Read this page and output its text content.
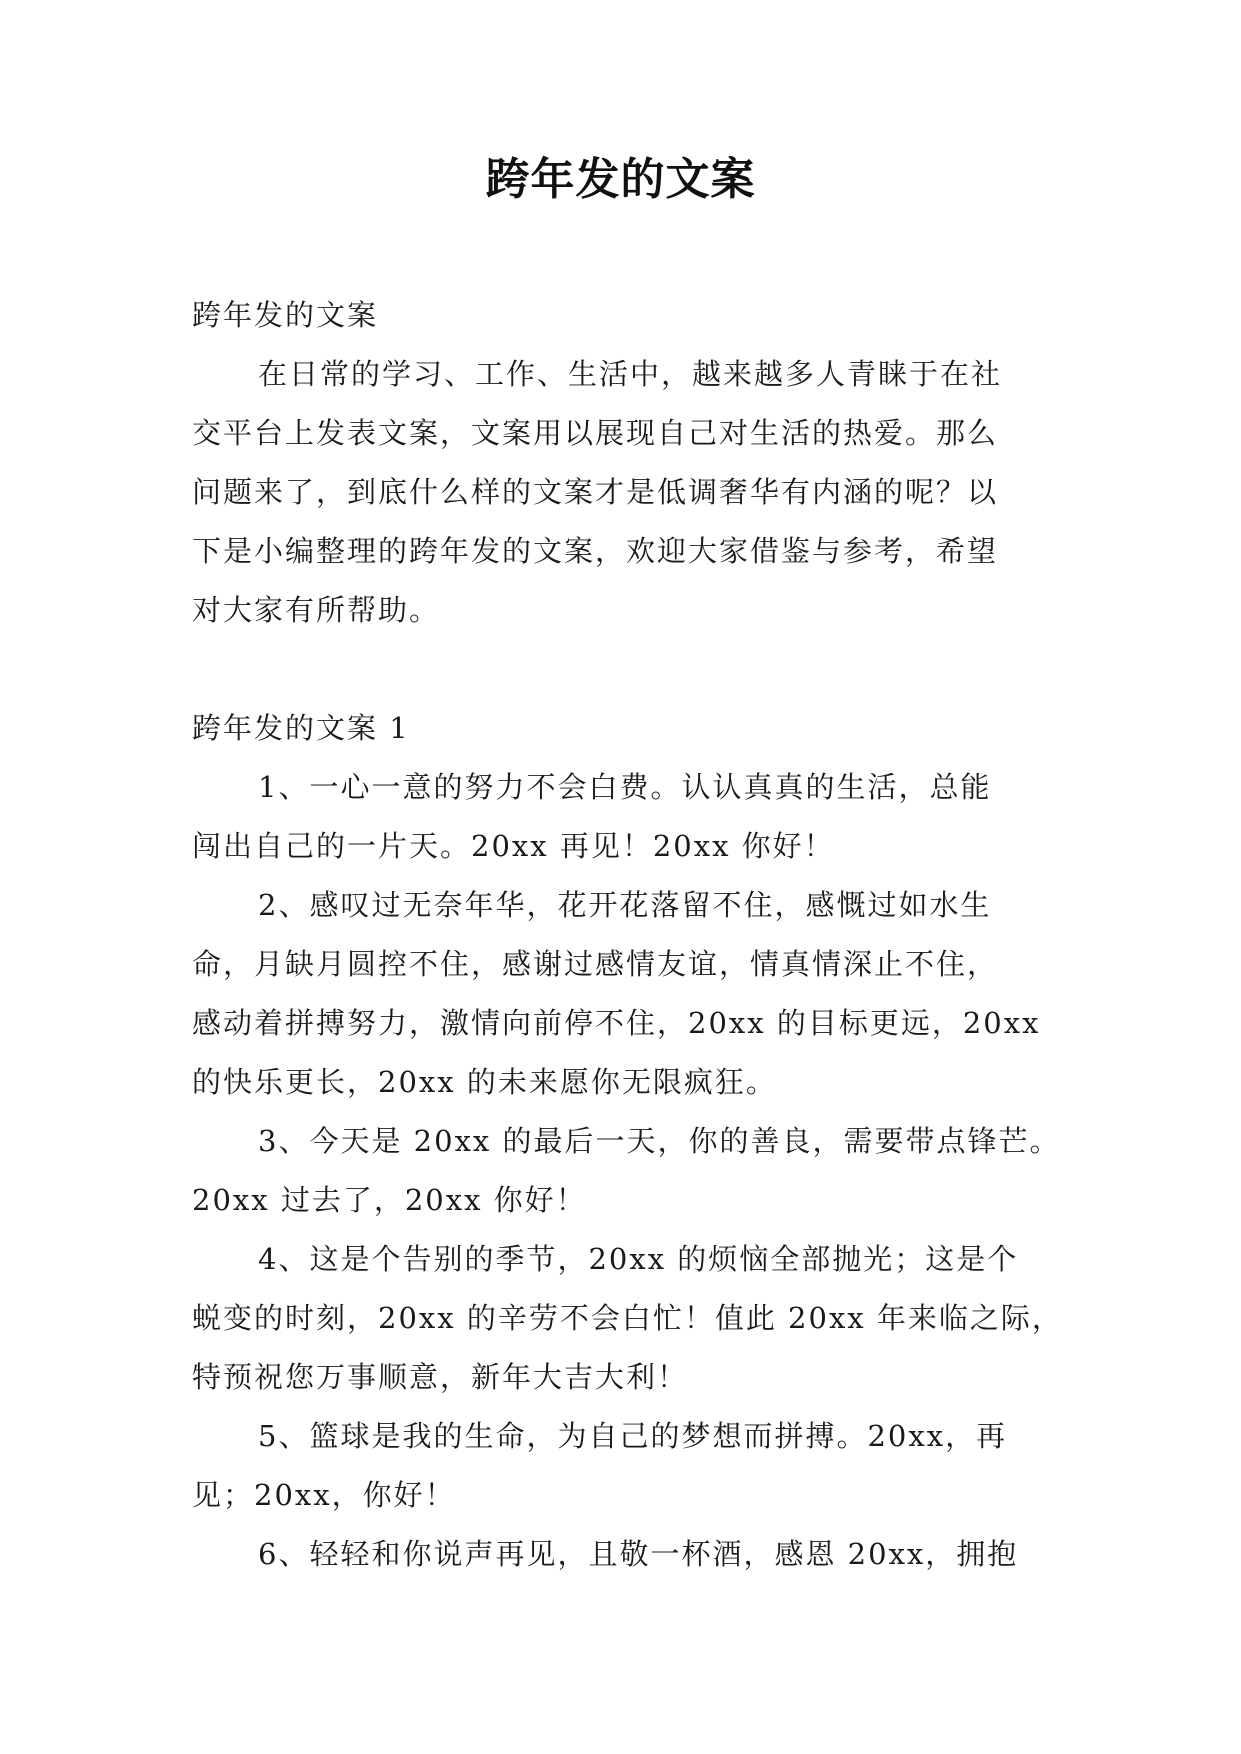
跨年发的文案
跨年发的文案
在日常的学习、工作、生活中，越来越多人青睐于在社
交平台上发表文案，文案用以展现自己对生活的热爱。那么
问题来了，到底什么样的文案才是低调奢华有内涵的呢？以
下是小编整理的跨年发的文案，欢迎大家借鉴与参考，希望
对大家有所帮助。
跨年发的文案 1
1、一心一意的努力不会白费。认认真真的生活，总能
闯出自己的一片天。20xx 再见！20xx 你好！
2、感叹过无奈年华，花开花落留不住，感慨过如水生
命，月缺月圆控不住，感谢过感情友谊，情真情深止不住，
感动着拼搏努力，激情向前停不住，20xx 的目标更远，20xx
的快乐更长，20xx 的未来愿你无限疯狂。
3、今天是 20xx 的最后一天，你的善良，需要带点锋芒。
20xx 过去了，20xx 你好！
4、这是个告别的季节，20xx 的烦恼全部抛光；这是个
蜕变的时刻，20xx 的辛劳不会白忙！值此 20xx 年来临之际，
特预祝您万事顺意，新年大吉大利！
5、篮球是我的生命，为自己的梦想而拼搏。20xx，再
见；20xx，你好！
6、轻轻和你说声再见，且敬一杯酒，感恩 20xx，拥抱
